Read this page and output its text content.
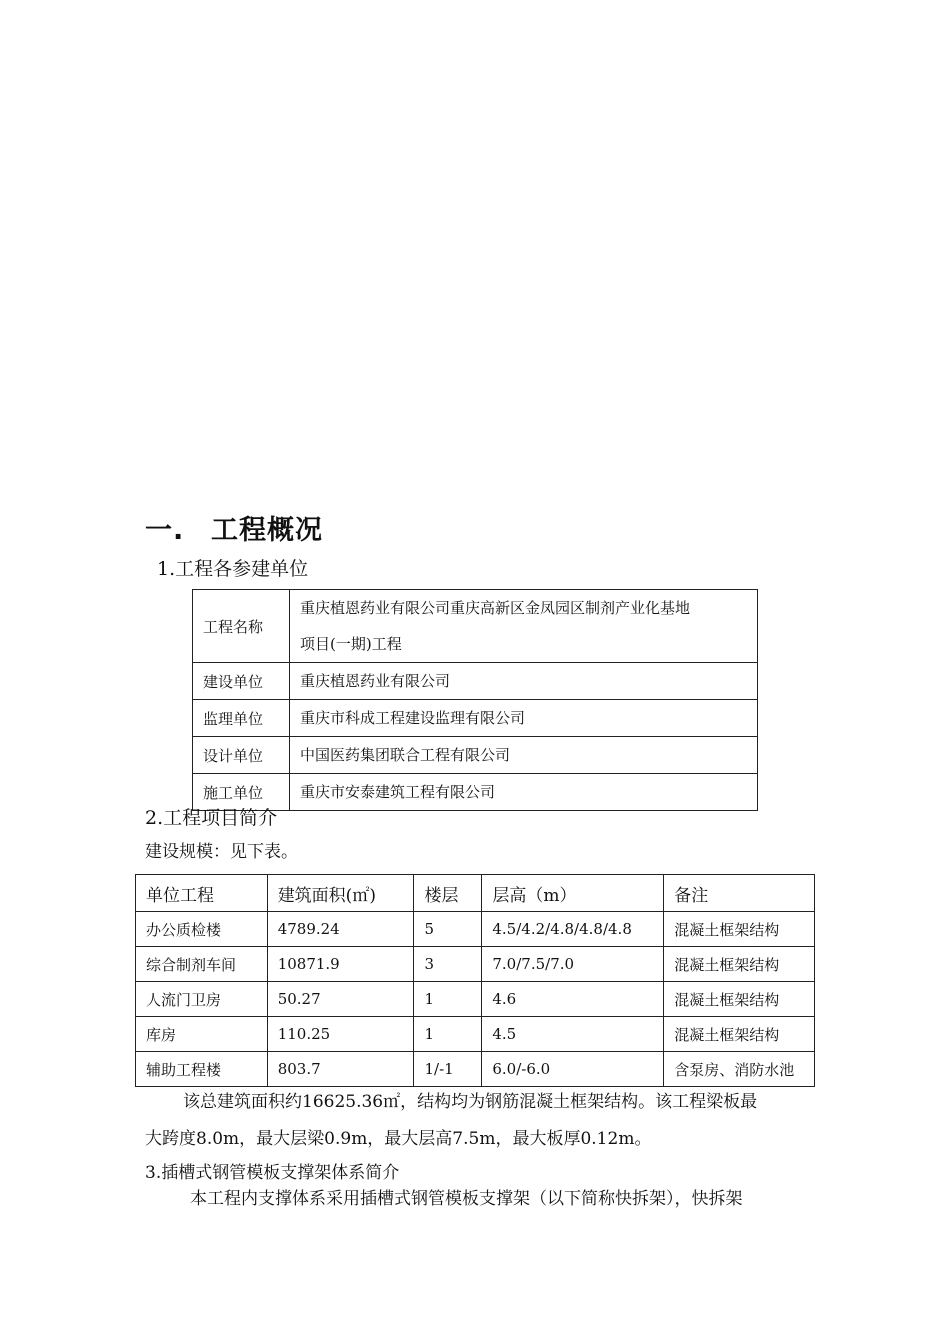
一. 工程概况

1.工程各参建单位

工程名称	重庆植恩药业有限公司重庆高新区金凤园区制剂产业化基地
项目(一期)工程

建设单位	重庆植恩药业有限公司
监理单位	重庆市科成工程建设监理有限公司
设计单位	中国医药集团联合工程有限公司
施工单位	重庆市安泰建筑工程有限公司

2.工程项目简介

建设规模：见下表。

单位工程	建筑面积(㎡)	楼层	层高（m）	备注
办公质检楼	4789.24	5	4.5/4.2/4.8/4.8/4.8	混凝土框架结构
综合制剂车间	10871.9	3	7.0/7.5/7.0	混凝土框架结构
人流门卫房	50.27	1	4.6	混凝土框架结构
库房	110.25	1	4.5	混凝土框架结构
辅助工程楼	803.7	1/-1	6.0/-6.0	含泵房、消防水池

该总建筑面积约16625.36㎡，结构均为钢筋混凝土框架结构。该工程梁板最

大跨度8.0m，最大层梁0.9m，最大层高7.5m，最大板厚0.12m。

3.插槽式钢管模板支撑架体系简介

本工程内支撑体系采用插槽式钢管模板支撑架（以下简称快拆架），快拆架
